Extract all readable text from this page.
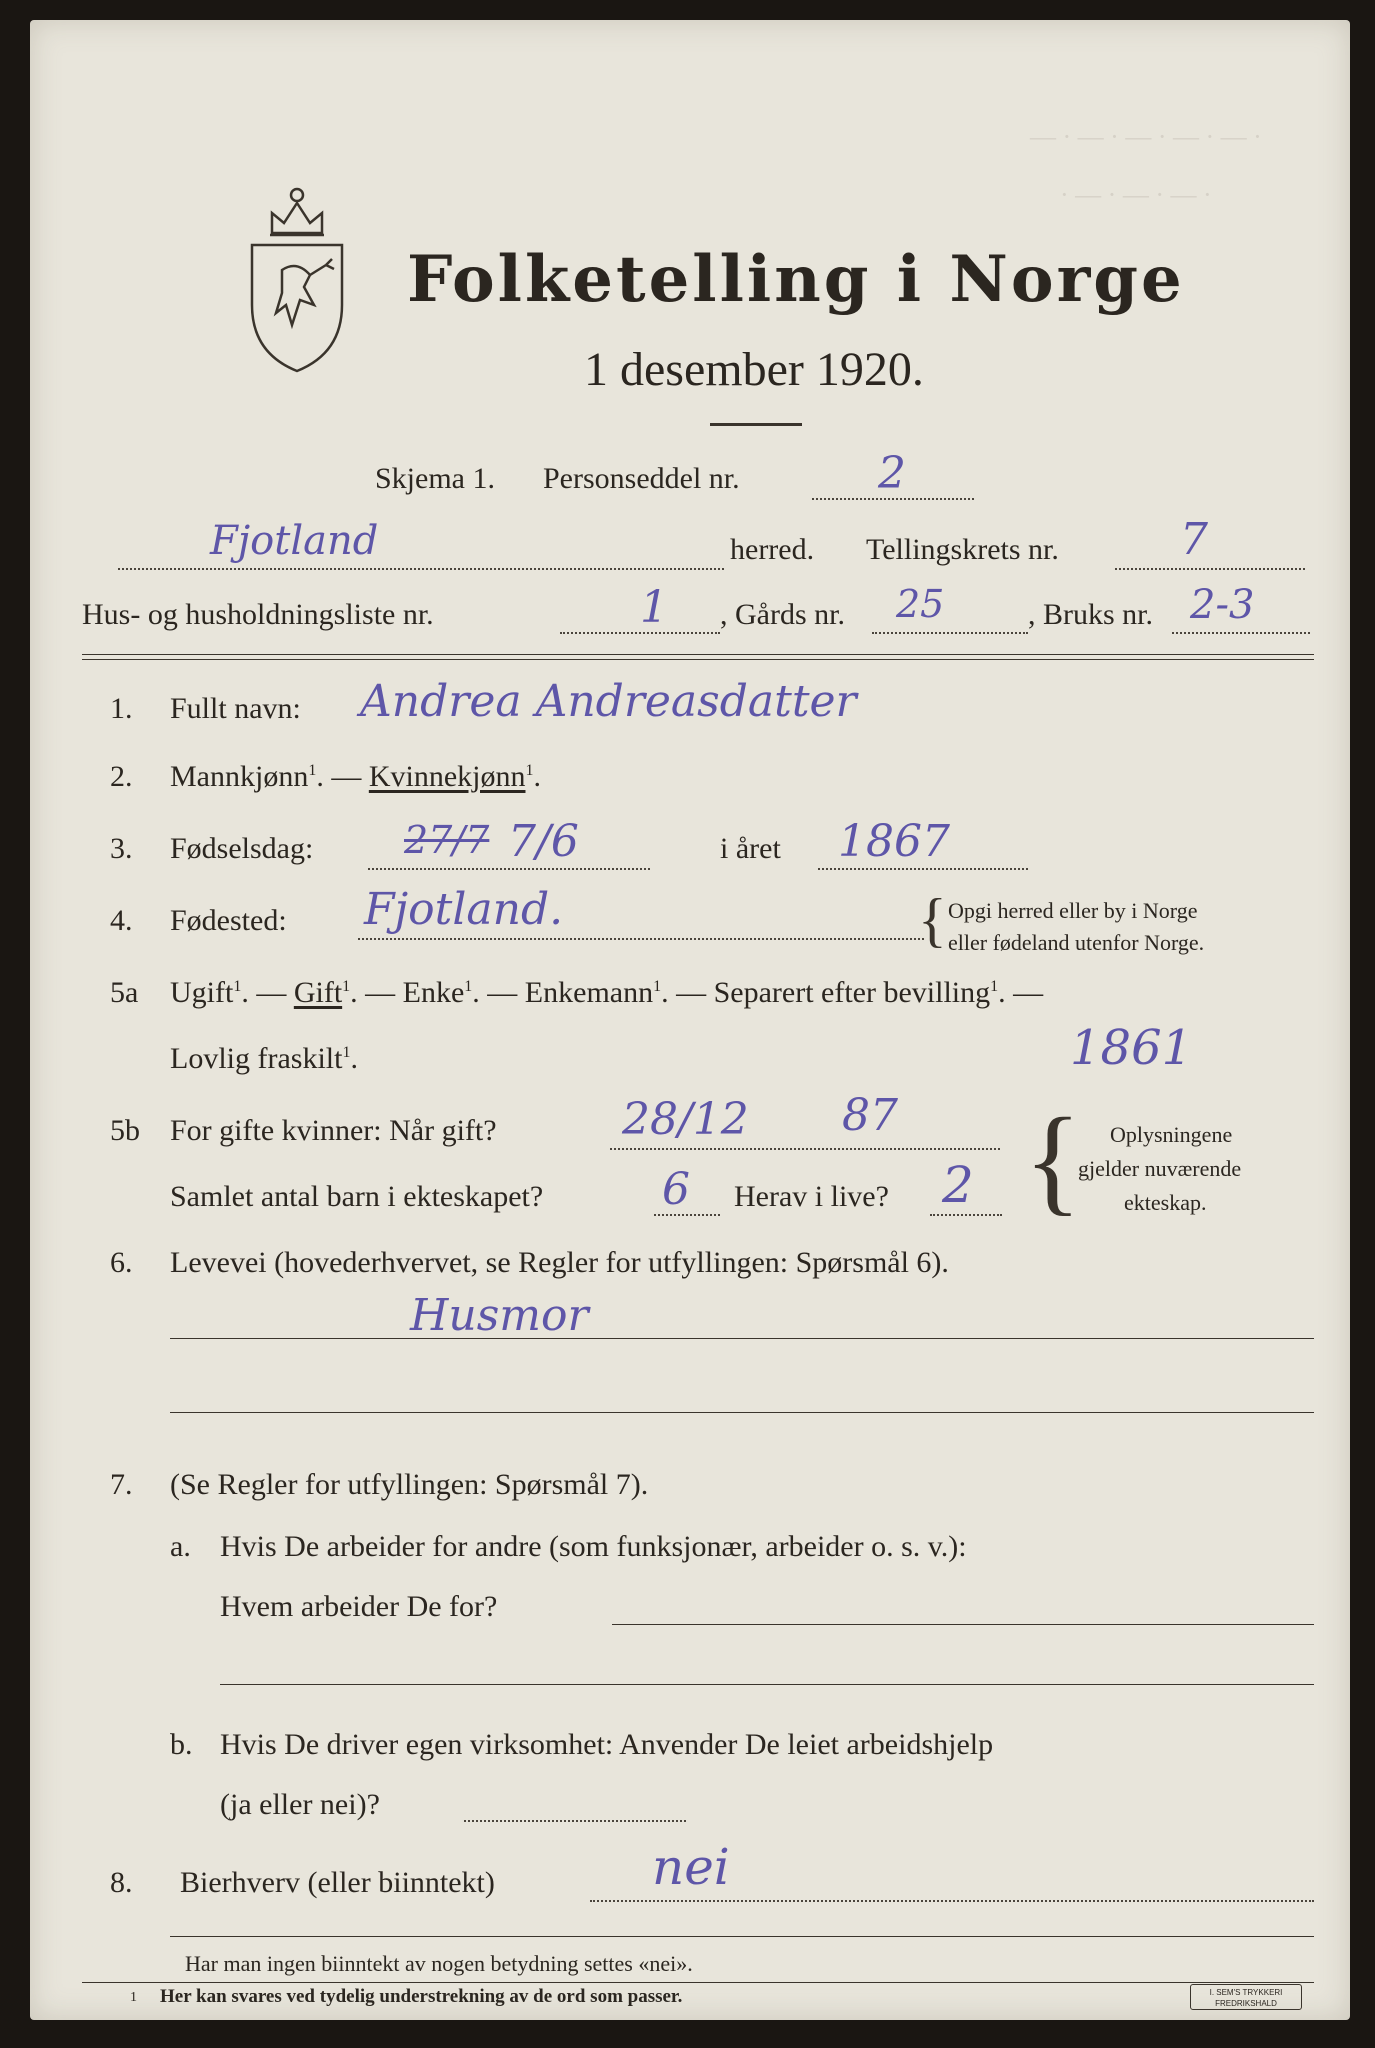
— · — · — · — · — ·
· — · — · — ·
Folketelling i Norge
1 desember 1920.
Skjema 1. Personseddel nr.	2
Fjotland	herred. Tellingskrets nr.	7
Hus- og husholdningsliste nr.	1 , Gårds nr. 25	, Bruks nr. 2-3
1. Fullt navn: Andrea Andreasdatter
2. Mannkjønn$^1$. — Kvinnekjønn$^1$.
3. Fødselsdag: 27/7 7/6	i året 1867
4. Fødested: Fjotland.	{ Opgi herred eller by i Norge
eller fødeland utenfor Norge.
5a Ugift$^1$. — Gift$^1$. — Enke$^1$. — Enkemann$^1$. — Separert efter bevilling$^1$. —
Lovlig fraskilt$^1$.	1861
5b For gifte kvinner: Når gift?	28/12 87
Samlet antal barn i ekteskapet?	6 Herav i live? 2 { Oplysningene
gjelder nuværende
ekteskap.
6. Levevei (hovederhvervet, se Regler for utfyllingen: Spørsmål 6).
Husmor
7. (Se Regler for utfyllingen: Spørsmål 7).
a. Hvis De arbeider for andre (som funksjonær, arbeider o. s. v.):
Hvem arbeider De for?
b. Hvis De driver egen virksomhet: Anvender De leiet arbeidshjelp
(ja eller nei)?
8. Bierhverv (eller biinntekt)	nei
Har man ingen biinntekt av nogen betydning settes «nei».
1 Her kan svares ved tydelig understrekning av de ord som passer.	I. SEM'S TRYKKERI
FREDRIKSHALD
